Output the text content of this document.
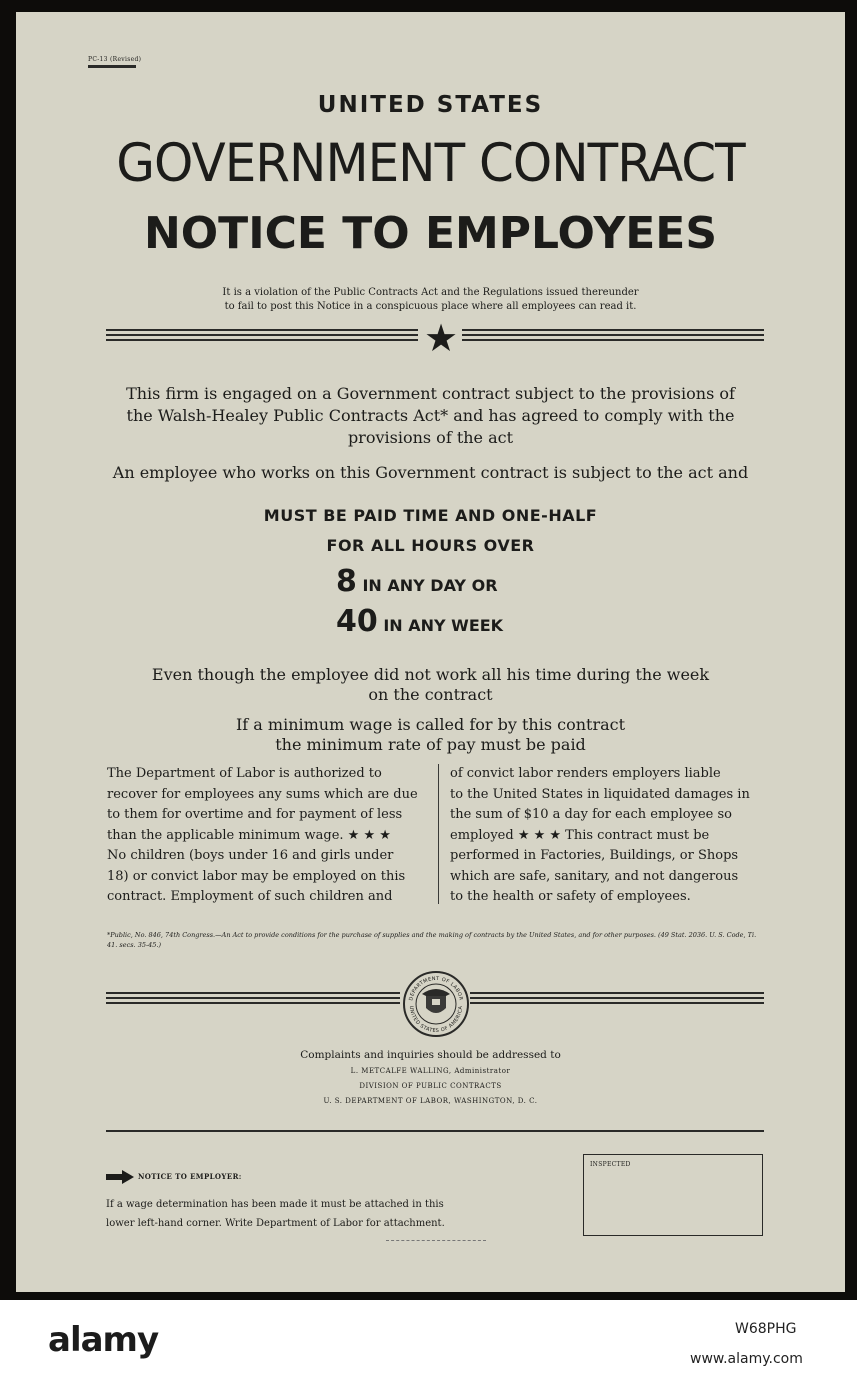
PC-13 (Revised)
UNITED STATES
GOVERNMENT CONTRACT
NOTICE TO EMPLOYEES
It is a violation of the Public Contracts Act and the Regulations issued thereunder
to fail to post this Notice in a conspicuous place where all employees can read it.
★
This firm is engaged on a Government contract subject to the provisions of
the Walsh-Healey Public Contracts Act* and has agreed to comply with the
provisions of the act
An employee who works on this Government contract is subject to the act and
MUST BE PAID TIME AND ONE-HALF
FOR ALL HOURS OVER
8 IN ANY DAY OR
40 IN ANY WEEK
Even though the employee did not work all his time during the week
on the contract
If a minimum wage is called for by this contract
the minimum rate of pay must be paid
The Department of Labor is authorized to
recover for employees any sums which are due
to them for overtime and for payment of less
than the applicable minimum wage. ★ ★ ★
No children (boys under 16 and girls under
18) or convict labor may be employed on this
contract. Employment of such children and
of convict labor renders employers liable
to the United States in liquidated damages in
the sum of $10 a day for each employee so
employed ★ ★ ★ This contract must be
performed in Factories, Buildings, or Shops
which are safe, sanitary, and not dangerous
to the health or safety of employees.
*Public, No. 846, 74th Congress.—An Act to provide conditions for the purchase of supplies and the making of contracts by the United States, and for other purposes. (49 Stat. 2036. U. S. Code, Ti. 41. secs. 35-45.)
DEPARTMENT OF LABOR
UNITED STATES OF AMERICA
Complaints and inquiries should be addressed to
L. METCALFE WALLING, Administrator
DIVISION OF PUBLIC CONTRACTS
U. S. DEPARTMENT OF LABOR, WASHINGTON, D. C.
NOTICE TO EMPLOYER:
If a wage determination has been made it must be attached in this
lower left-hand corner. Write Department of Labor for attachment.
INSPECTED
alamy	W68PHG
www.alamy.com
